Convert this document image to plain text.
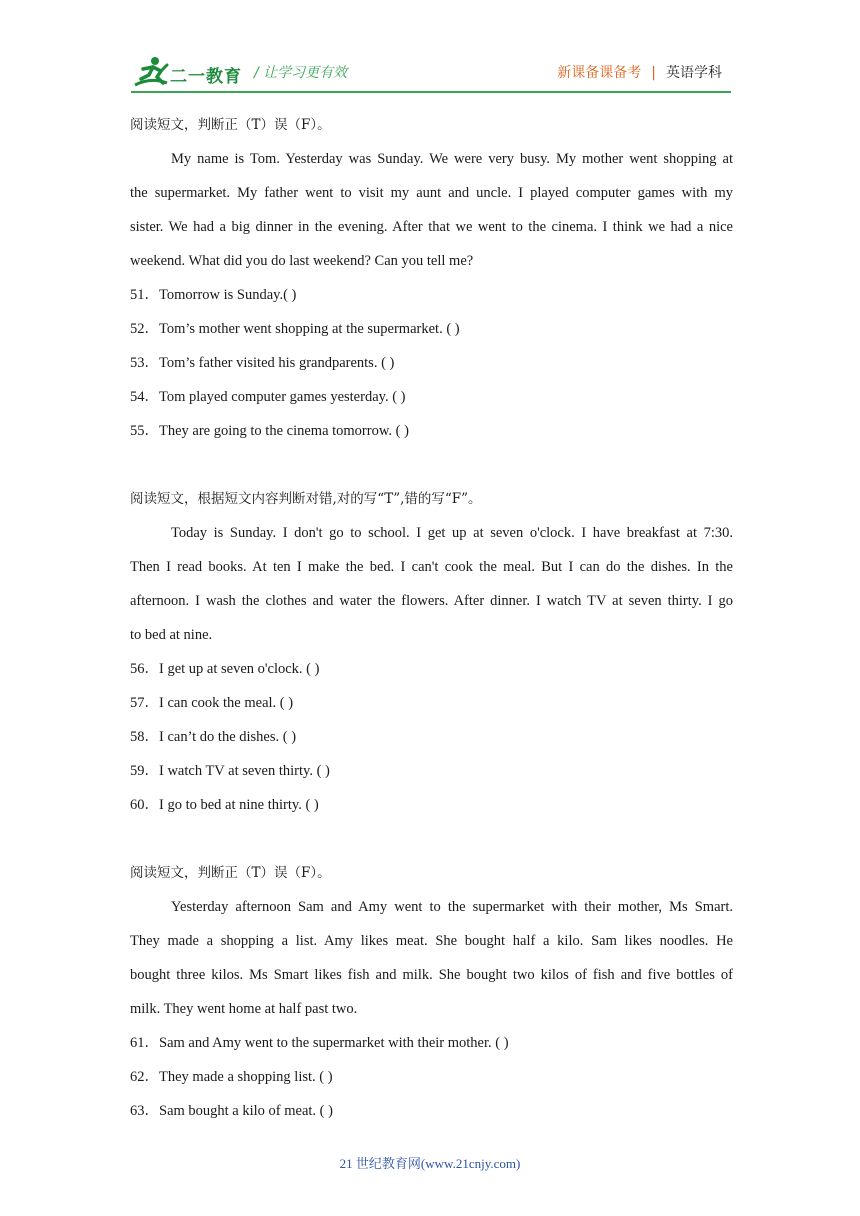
二一教育 / 让学习更有效	新课备课备考 | 英语学科
阅读短文，判断正（T）误（F）。
My name is Tom. Yesterday was Sunday. We were very busy. My mother went shopping at
the supermarket. My father went to visit my aunt and uncle. I played computer games with my
sister. We had a big dinner in the evening. After that we went to the cinema. I think we had a nice
weekend. What did you do last weekend? Can you tell me?
51．Tomorrow is Sunday.( )
52．Tom’s mother went shopping at the supermarket. ( )
53．Tom’s father visited his grandparents. ( )
54．Tom played computer games yesterday. ( )
55．They are going to the cinema tomorrow. ( )
阅读短文，根据短文内容判断对错,对的写“T”,错的写“F”。
Today is Sunday. I don't go to school. I get up at seven o'clock. I have breakfast at 7:30.
Then I read books. At ten I make the bed. I can't cook the meal. But I can do the dishes. In the
afternoon. I wash the clothes and water the flowers. After dinner. I watch TV at seven thirty. I go
to bed at nine.
56．I get up at seven o'clock. ( )
57．I can cook the meal. ( )
58．I can’t do the dishes. ( )
59．I watch TV at seven thirty. ( )
60．I go to bed at nine thirty. ( )
阅读短文，判断正（T）误（F）。
Yesterday afternoon Sam and Amy went to the supermarket with their mother, Ms Smart.
They made a shopping a list. Amy likes meat. She bought half a kilo. Sam likes noodles. He
bought three kilos. Ms Smart likes fish and milk. She bought two kilos of fish and five bottles of
milk. They went home at half past two.
61．Sam and Amy went to the supermarket with their mother. ( )
62．They made a shopping list. ( )
63．Sam bought a kilo of meat. ( )
21 世纪教育网(www.21cnjy.com)
